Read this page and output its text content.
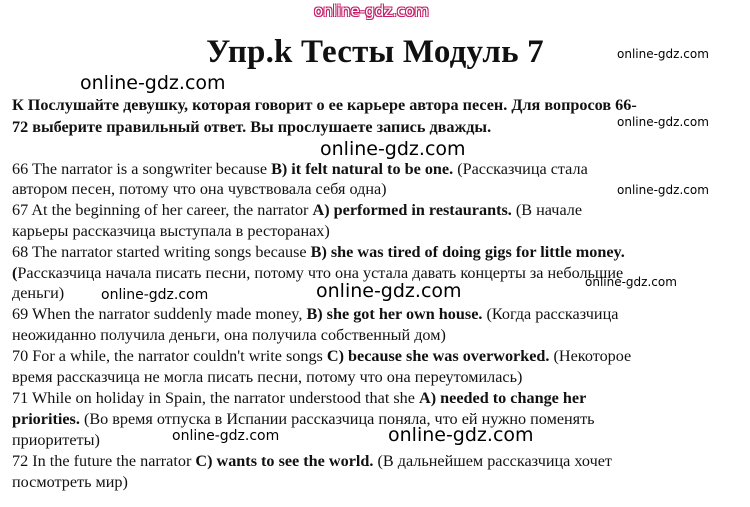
online-gdz.com
Упр.k Тесты Модуль 7	online-gdz.com
online-gdz.com
online-gdz.com
online-gdz.com
online-gdz.com
К Послушайте девушку, которая говорит о ее карьере автора песен. Для вопросов 66-
72 выберите правильный ответ. Вы прослушаете запись дважды.
66 The narrator is a songwriter because B) it felt natural to be one. (Рассказчица стала
автором песен, потому что она чувствовала себя одна)
67 At the beginning of her career, the narrator A) performed in restaurants. (В начале
карьеры рассказчица выступала в ресторанах)
68 The narrator started writing songs because B) she was tired of doing gigs for little money.
(Рассказчица начала писать песни, потому что она устала давать концерты за небольшие
деньги)
online-gdz.com
online-gdz.com	online-gdz.com
69 When the narrator suddenly made money, B) she got her own house. (Когда рассказчица
неожиданно получила деньги, она получила собственный дом)
70 For a while, the narrator couldn't write songs C) because she was overworked. (Некоторое
время рассказчица не могла писать песни, потому что она переутомилась)
71 While on holiday in Spain, the narrator understood that she A) needed to change her
priorities. (Во время отпуска в Испании рассказчица поняла, что ей нужно поменять
приоритеты)	online-gdz.com	online-gdz.com
72 In the future the narrator C) wants to see the world. (В дальнейшем рассказчица хочет
посмотреть мир)
